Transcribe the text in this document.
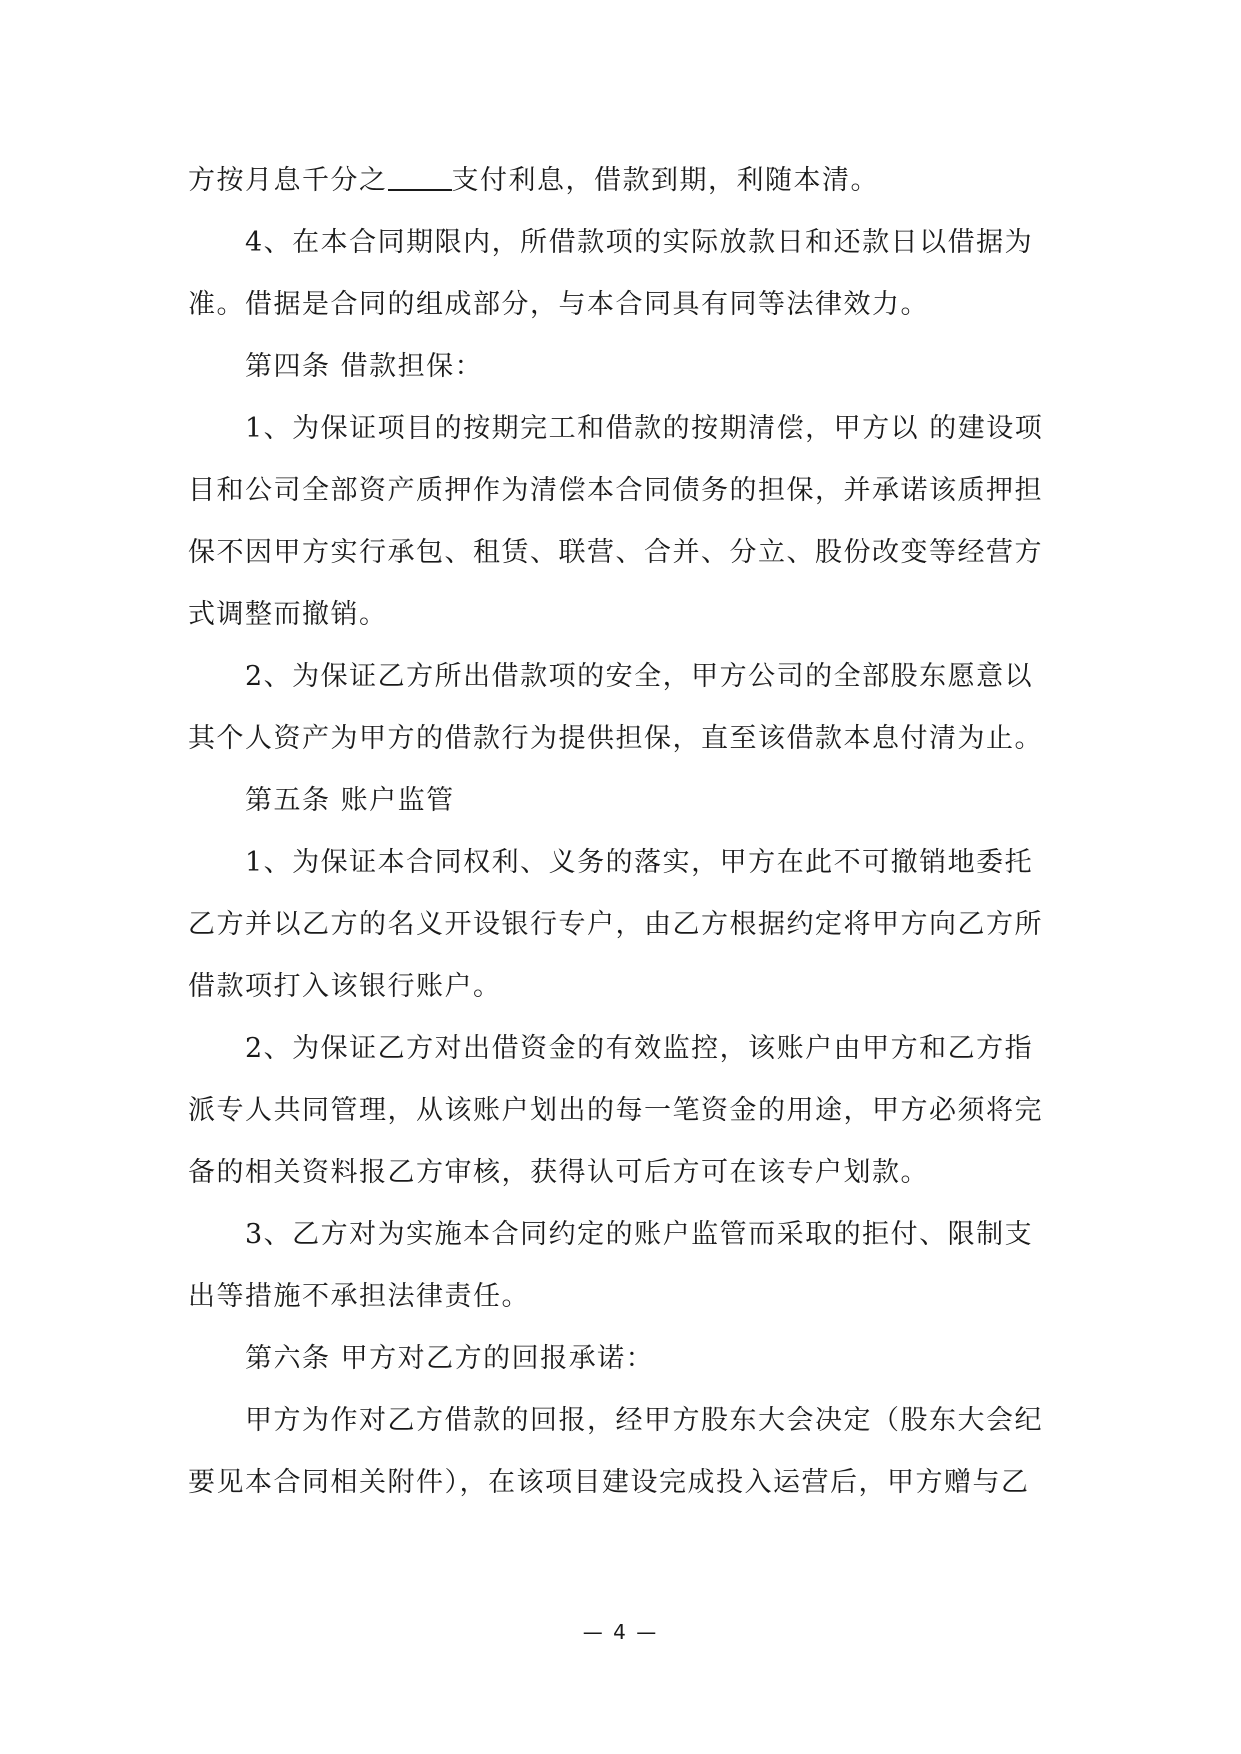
方按月息千分之 支付利息，借款到期，利随本清。
4、在本合同期限内，所借款项的实际放款日和还款日以借据为
准。借据是合同的组成部分，与本合同具有同等法律效力。
第四条 借款担保：
1、为保证项目的按期完工和借款的按期清偿，甲方以 的建设项
目和公司全部资产质押作为清偿本合同债务的担保，并承诺该质押担
保不因甲方实行承包、租赁、联营、合并、分立、股份改变等经营方
式调整而撤销。
2、为保证乙方所出借款项的安全，甲方公司的全部股东愿意以
其个人资产为甲方的借款行为提供担保，直至该借款本息付清为止。
第五条 账户监管
1、为保证本合同权利、义务的落实，甲方在此不可撤销地委托
乙方并以乙方的名义开设银行专户，由乙方根据约定将甲方向乙方所
借款项打入该银行账户。
2、为保证乙方对出借资金的有效监控，该账户由甲方和乙方指
派专人共同管理，从该账户划出的每一笔资金的用途，甲方必须将完
备的相关资料报乙方审核，获得认可后方可在该专户划款。
3、乙方对为实施本合同约定的账户监管而采取的拒付、限制支
出等措施不承担法律责任。
第六条 甲方对乙方的回报承诺：
甲方为作对乙方借款的回报，经甲方股东大会决定（股东大会纪
要见本合同相关附件），在该项目建设完成投入运营后，甲方赠与乙
— 4 —
